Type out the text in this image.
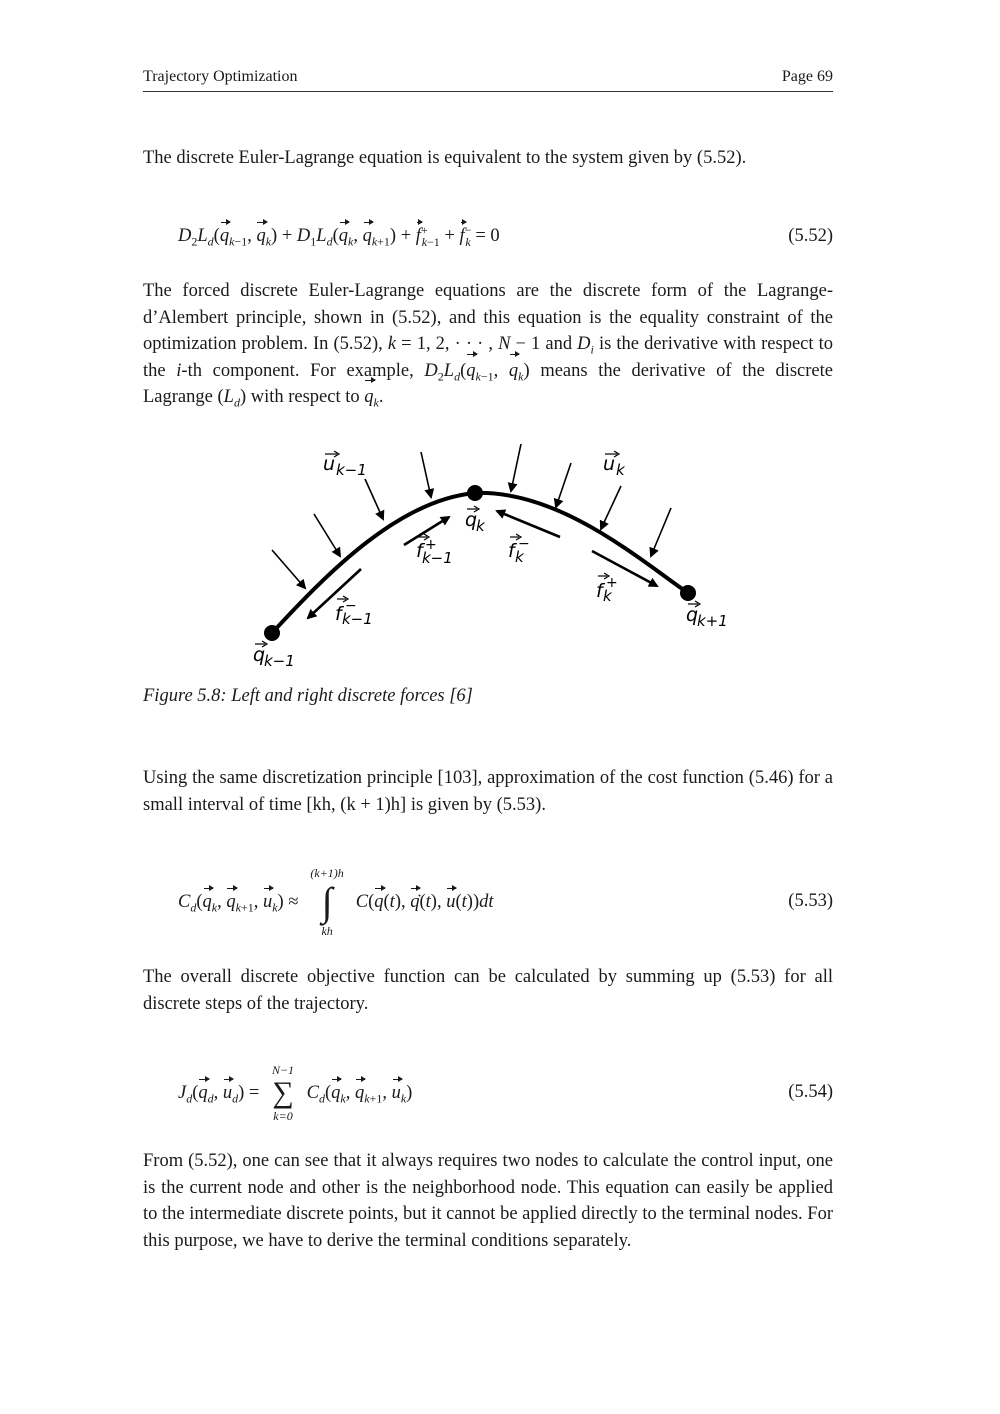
Trajectory Optimization	Page 69

The discrete Euler-Lagrange equation is equivalent to the system given by (5.52).

$D_2L_d(q_{k-1}$, $q_k) + D_1L_d(q_k$, $q_{k+1}) + f^+_{k-1} + f^-_k = 0$	(5.52)

The forced discrete Euler-Lagrange equations are the discrete form of the Lagrange-d’Alembert principle, shown in (5.52), and this equation is the equality constraint of the optimization problem. In (5.52), k = 1, 2, · · · , N − 1 and $D_i$ is the derivative with respect to the i-th component. For example, $D_2L_d(q_{k-1}$, $q_k$) means the derivative of the discrete Lagrange $(L_d)$ with respect to $q_k$.

u k−1	u k
q
k
q
k−1
q
k+1
f +
k−1	f −
k
f −
k−1
f +
k
Figure 5.8: Left and right discrete forces [6]

Using the same discretization principle [103], approximation of the cost function (5.46) for a small interval of time [kh, (k + 1)h] is given by (5.53).

$C_d(q_k$, $q_{k+1}$, $u_k$) ≈
(k+1)h
∫
kh
C(q(t), q̇(t), u(t))dt	(5.53)

The overall discrete objective function can be calculated by summing up (5.53) for all discrete steps of the trajectory.

$J_d(q_d$, $u_d$) =
N−1
∑
k=0
$C_d(q_k$, $q_{k+1}$, $u_k$)	(5.54)

From (5.52), one can see that it always requires two nodes to calculate the control input, one is the current node and other is the neighborhood node. This equation can easily be applied to the intermediate discrete points, but it cannot be applied directly to the terminal nodes. For this purpose, we have to derive the terminal conditions separately.
